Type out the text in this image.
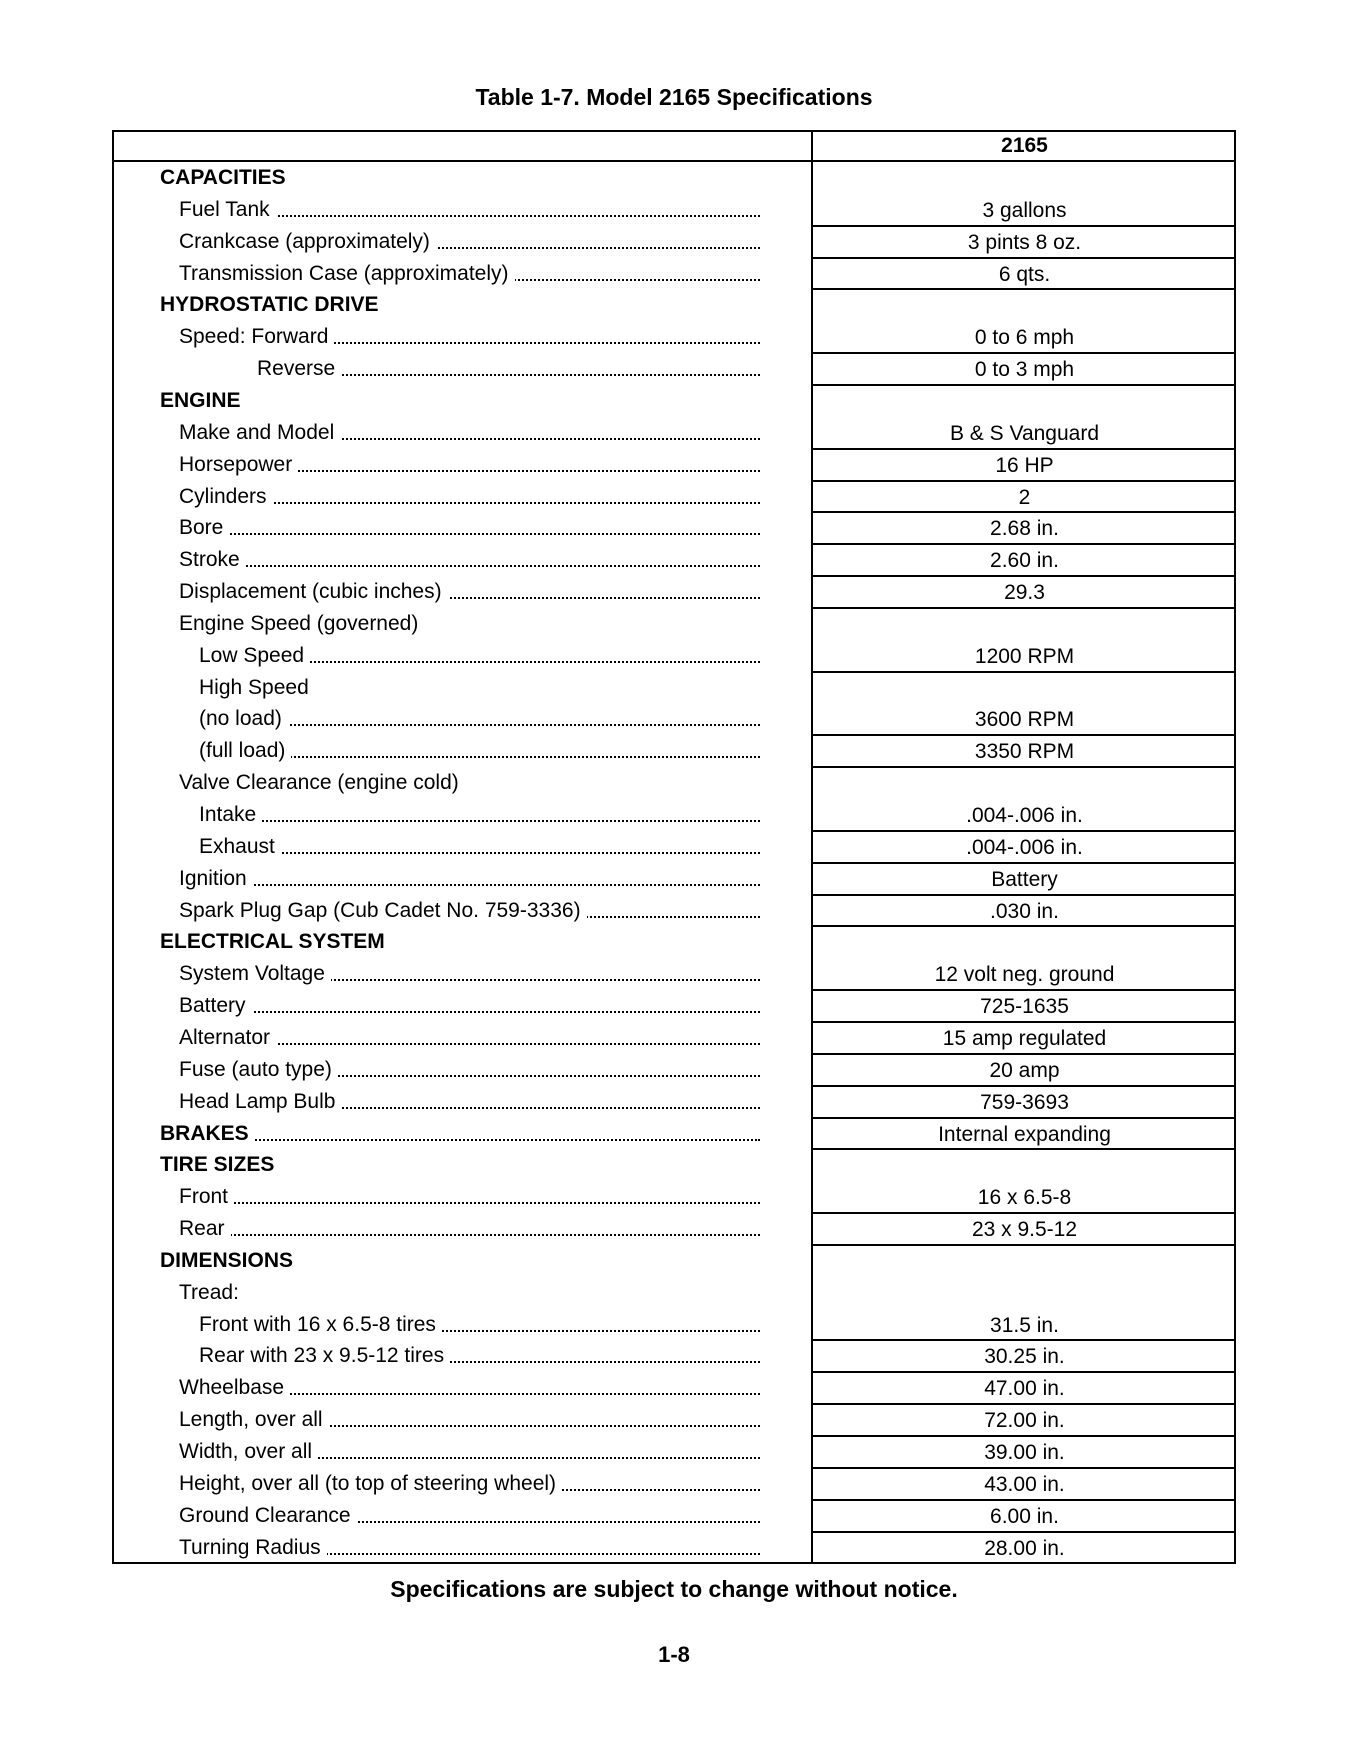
Table 1-7. Model 2165 Specifications
2165
CAPACITIES
Fuel Tank	3 gallons
Crankcase (approximately)	3 pints 8 oz.
Transmission Case (approximately)	6 qts.
HYDROSTATIC DRIVE
Speed: Forward	0 to 6 mph
Reverse	0 to 3 mph
ENGINE
Make and Model	B & S Vanguard
Horsepower	16 HP
Cylinders	2
Bore	2.68 in.
Stroke	2.60 in.
Displacement (cubic inches)	29.3
Engine Speed (governed)
Low Speed	1200 RPM
High Speed
(no load)	3600 RPM
(full load)	3350 RPM
Valve Clearance (engine cold)
Intake	.004-.006 in.
Exhaust	.004-.006 in.
Ignition	Battery
Spark Plug Gap (Cub Cadet No. 759-3336)	.030 in.
ELECTRICAL SYSTEM
System Voltage	12 volt neg. ground
Battery	725-1635
Alternator	15 amp regulated
Fuse (auto type)	20 amp
Head Lamp Bulb	759-3693
BRAKES	Internal expanding
TIRE SIZES
Front	16 x 6.5-8
Rear	23 x 9.5-12
DIMENSIONS
Tread:
Front with 16 x 6.5-8 tires	31.5 in.
Rear with 23 x 9.5-12 tires	30.25 in.
Wheelbase	47.00 in.
Length, over all	72.00 in.
Width, over all	39.00 in.
Height, over all (to top of steering wheel)	43.00 in.
Ground Clearance	6.00 in.
Turning Radius	28.00 in.
Specifications are subject to change without notice.
1-8
